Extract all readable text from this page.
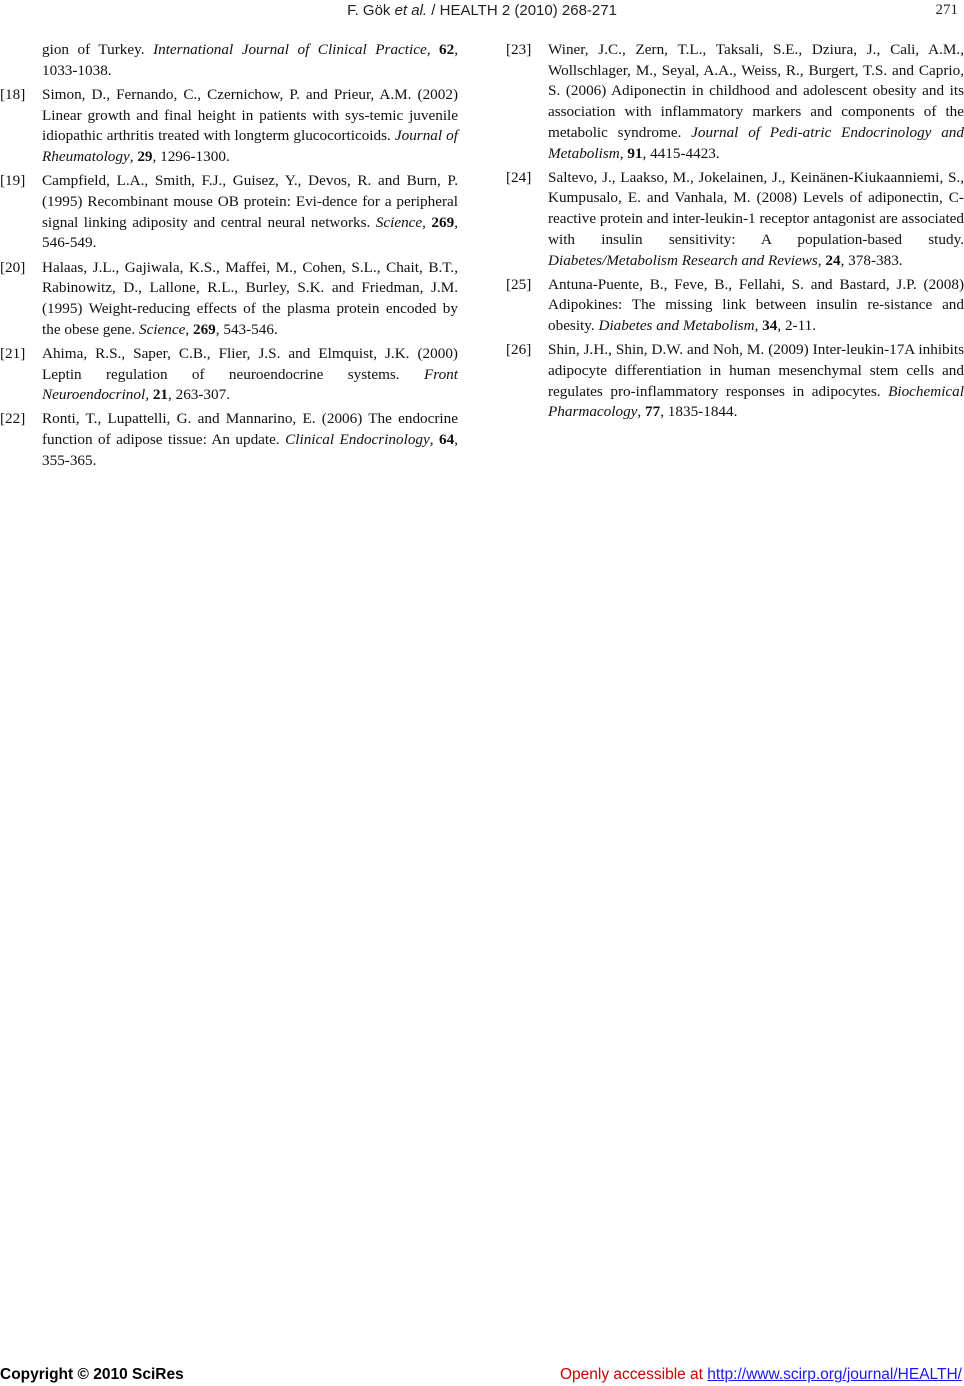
F. Gök et al. / HEALTH 2 (2010) 268-271	271
gion of Turkey. International Journal of Clinical Practice, 62, 1033-1038.
[18] Simon, D., Fernando, C., Czernichow, P. and Prieur, A.M. (2002) Linear growth and final height in patients with sys-temic juvenile idiopathic arthritis treated with longterm glucocorticoids. Journal of Rheumatology, 29, 1296-1300.
[19] Campfield, L.A., Smith, F.J., Guisez, Y., Devos, R. and Burn, P. (1995) Recombinant mouse OB protein: Evi-dence for a peripheral signal linking adiposity and central neural networks. Science, 269, 546-549.
[20] Halaas, J.L., Gajiwala, K.S., Maffei, M., Cohen, S.L., Chait, B.T., Rabinowitz, D., Lallone, R.L., Burley, S.K. and Friedman, J.M. (1995) Weight-reducing effects of the plasma protein encoded by the obese gene. Science, 269, 543-546.
[21] Ahima, R.S., Saper, C.B., Flier, J.S. and Elmquist, J.K. (2000) Leptin regulation of neuroendocrine systems. Front Neuroendocrinol, 21, 263-307.
[22] Ronti, T., Lupattelli, G. and Mannarino, E. (2006) The endocrine function of adipose tissue: An update. Clinical Endocrinology, 64, 355-365.
[23] Winer, J.C., Zern, T.L., Taksali, S.E., Dziura, J., Cali, A.M., Wollschlager, M., Seyal, A.A., Weiss, R., Burgert, T.S. and Caprio, S. (2006) Adiponectin in childhood and adolescent obesity and its association with inflammatory markers and components of the metabolic syndrome. Journal of Pedi-atric Endocrinology and Metabolism, 91, 4415-4423.
[24] Saltevo, J., Laakso, M., Jokelainen, J., Keinänen-Kiukaanniemi, S., Kumpusalo, E. and Vanhala, M. (2008) Levels of adiponectin, C-reactive protein and inter-leukin-1 receptor antagonist are associated with insulin sensitivity: A population-based study. Diabetes/Metabolism Research and Reviews, 24, 378-383.
[25] Antuna-Puente, B., Feve, B., Fellahi, S. and Bastard, J.P. (2008) Adipokines: The missing link between insulin re-sistance and obesity. Diabetes and Metabolism, 34, 2-11.
[26] Shin, J.H., Shin, D.W. and Noh, M. (2009) Inter-leukin-17A inhibits adipocyte differentiation in human mesenchymal stem cells and regulates pro-inflammatory responses in adipocytes. Biochemical Pharmacology, 77, 1835-1844.
Copyright © 2010 SciRes	Openly accessible at http://www.scirp.org/journal/HEALTH/
